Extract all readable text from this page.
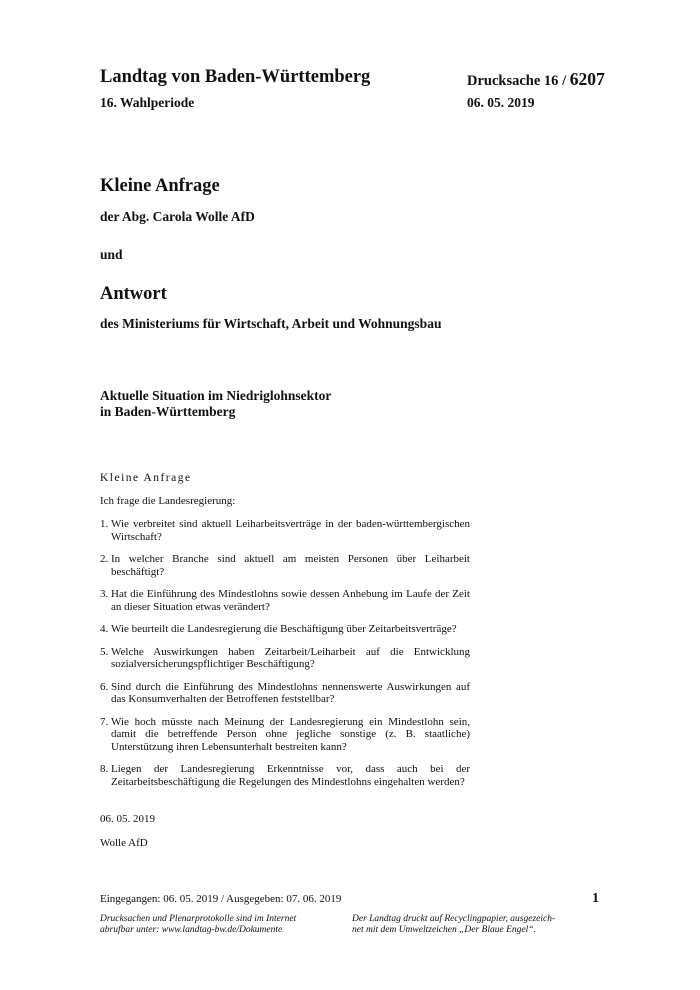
Landtag von Baden-Württemberg
16. Wahlperiode
Drucksache 16 / 6207
06. 05. 2019
Kleine Anfrage
der Abg. Carola Wolle AfD
und
Antwort
des Ministeriums für Wirtschaft, Arbeit und Wohnungsbau
Aktuelle Situation im Niedriglohnsektor
in Baden-Württemberg
Kleine Anfrage
Ich frage die Landesregierung:
1. Wie verbreitet sind aktuell Leiharbeitsverträge in der baden-württembergischen Wirtschaft?
2. In welcher Branche sind aktuell am meisten Personen über Leiharbeit beschäftigt?
3. Hat die Einführung des Mindestlohns sowie dessen Anhebung im Laufe der Zeit an dieser Situation etwas verändert?
4. Wie beurteilt die Landesregierung die Beschäftigung über Zeitarbeitsverträge?
5. Welche Auswirkungen haben Zeitarbeit/Leiharbeit auf die Entwicklung sozialversicherungspflichtiger Beschäftigung?
6. Sind durch die Einführung des Mindestlohns nennenswerte Auswirkungen auf das Konsumverhalten der Betroffenen feststellbar?
7. Wie hoch müsste nach Meinung der Landesregierung ein Mindestlohn sein, damit die betreffende Person ohne jegliche sonstige (z. B. staatliche) Unterstützung ihren Lebensunterhalt bestreiten kann?
8. Liegen der Landesregierung Erkenntnisse vor, dass auch bei der Zeitarbeitsbeschäftigung die Regelungen des Mindestlohns eingehalten werden?
06. 05. 2019
Wolle AfD
Eingegangen: 06. 05. 2019 / Ausgegeben: 07. 06. 2019	1
Drucksachen und Plenarprotokolle sind im Internet
abrufbar unter: www.landtag-bw.de/Dokumente
Der Landtag druckt auf Recyclingpapier, ausgezeich-
net mit dem Umweltzeichen „Der Blaue Engel“.
